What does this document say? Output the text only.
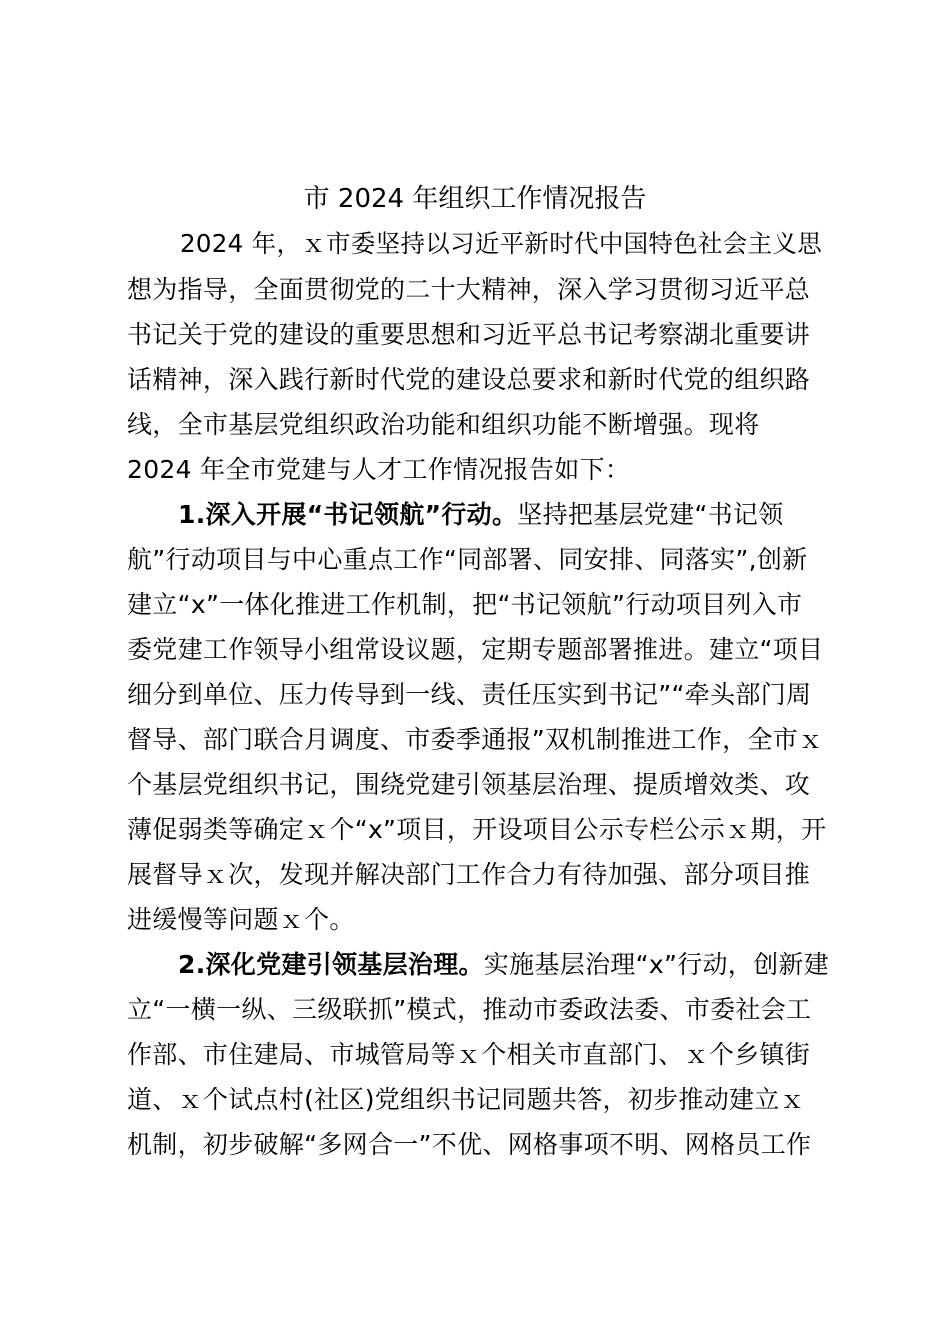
市 2024 年组织工作情况报告
2024 年，ｘ市委坚持以习近平新时代中国特色社会主义思
想为指导，全面贯彻党的二十大精神，深入学习贯彻习近平总
书记关于党的建设的重要思想和习近平总书记考察湖北重要讲
话精神，深入践行新时代党的建设总要求和新时代党的组织路
线，全市基层党组织政治功能和组织功能不断增强。现将
2024 年全市党建与人才工作情况报告如下：
1.深入开展“书记领航”行动。坚持把基层党建“书记领
航”行动项目与中心重点工作“同部署、同安排、同落实”,创新
建立“x”一体化推进工作机制，把“书记领航”行动项目列入市
委党建工作领导小组常设议题，定期专题部署推进。建立“项目
细分到单位、压力传导到一线、责任压实到书记”“牵头部门周
督导、部门联合月调度、市委季通报”双机制推进工作，全市ｘ
个基层党组织书记，围绕党建引领基层治理、提质增效类、攻
薄促弱类等确定ｘ个“x”项目，开设项目公示专栏公示ｘ期，开
展督导ｘ次，发现并解决部门工作合力有待加强、部分项目推
进缓慢等问题ｘ个。
2.深化党建引领基层治理。实施基层治理“x”行动，创新建
立“一横一纵、三级联抓”模式，推动市委政法委、市委社会工
作部、市住建局、市城管局等ｘ个相关市直部门、ｘ个乡镇街
道、ｘ个试点村(社区)党组织书记同题共答，初步推动建立ｘ
机制，初步破解“多网合一”不优、网格事项不明、网格员工作
